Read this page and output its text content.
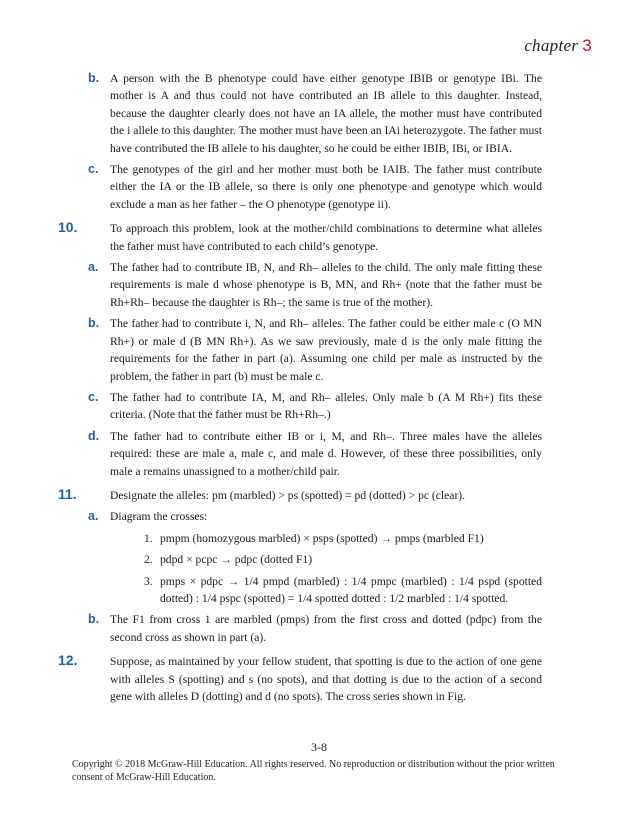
chapter 3
b. A person with the B phenotype could have either genotype IBIB or genotype IBi. The mother is A and thus could not have contributed an IB allele to this daughter. Instead, because the daughter clearly does not have an IA allele, the mother must have contributed the i allele to this daughter. The mother must have been an IAi heterozygote. The father must have contributed the IB allele to his daughter, so he could be either IBIB, IBi, or IBIA.
c. The genotypes of the girl and her mother must both be IAIB. The father must contribute either the IA or the IB allele, so there is only one phenotype and genotype which would exclude a man as her father – the O phenotype (genotype ii).
10.	To approach this problem, look at the mother/child combinations to determine what alleles the father must have contributed to each child’s genotype.
a. The father had to contribute IB, N, and Rh– alleles to the child. The only male fitting these requirements is male d whose phenotype is B, MN, and Rh+ (note that the father must be Rh+Rh– because the daughter is Rh–; the same is true of the mother).
b. The father had to contribute i, N, and Rh– alleles. The father could be either male c (O MN Rh+) or male d (B MN Rh+). As we saw previously, male d is the only male fitting the requirements for the father in part (a). Assuming one child per male as instructed by the problem, the father in part (b) must be male c.
c. The father had to contribute IA, M, and Rh– alleles. Only male b (A M Rh+) fits these criteria. (Note that the father must be Rh+Rh–.)
d. The father had to contribute either IB or i, M, and Rh–. Three males have the alleles required: these are male a, male c, and male d. However, of these three possibilities, only male a remains unassigned to a mother/child pair.
11.	Designate the alleles: pm (marbled) > ps (spotted) = pd (dotted) > pc (clear).
a. Diagram the crosses:
1. pmpm (homozygous marbled) × psps (spotted) → pmps (marbled F1)
2. pdpd × pcpc → pdpc (dotted F1)
3. pmps × pdpc → 1/4 pmpd (marbled) : 1/4 pmpc (marbled) : 1/4 pspd (spotted dotted) : 1/4 pspc (spotted) = 1/4 spotted dotted : 1/2 marbled : 1/4 spotted.
b. The F1 from cross 1 are marbled (pmps) from the first cross and dotted (pdpc) from the second cross as shown in part (a).
12.	Suppose, as maintained by your fellow student, that spotting is due to the action of one gene with alleles S (spotting) and s (no spots), and that dotting is due to the action of a second gene with alleles D (dotting) and d (no spots). The cross series shown in Fig.
3-8
Copyright © 2018 McGraw-Hill Education. All rights reserved. No reproduction or distribution without the prior written consent of McGraw-Hill Education.
